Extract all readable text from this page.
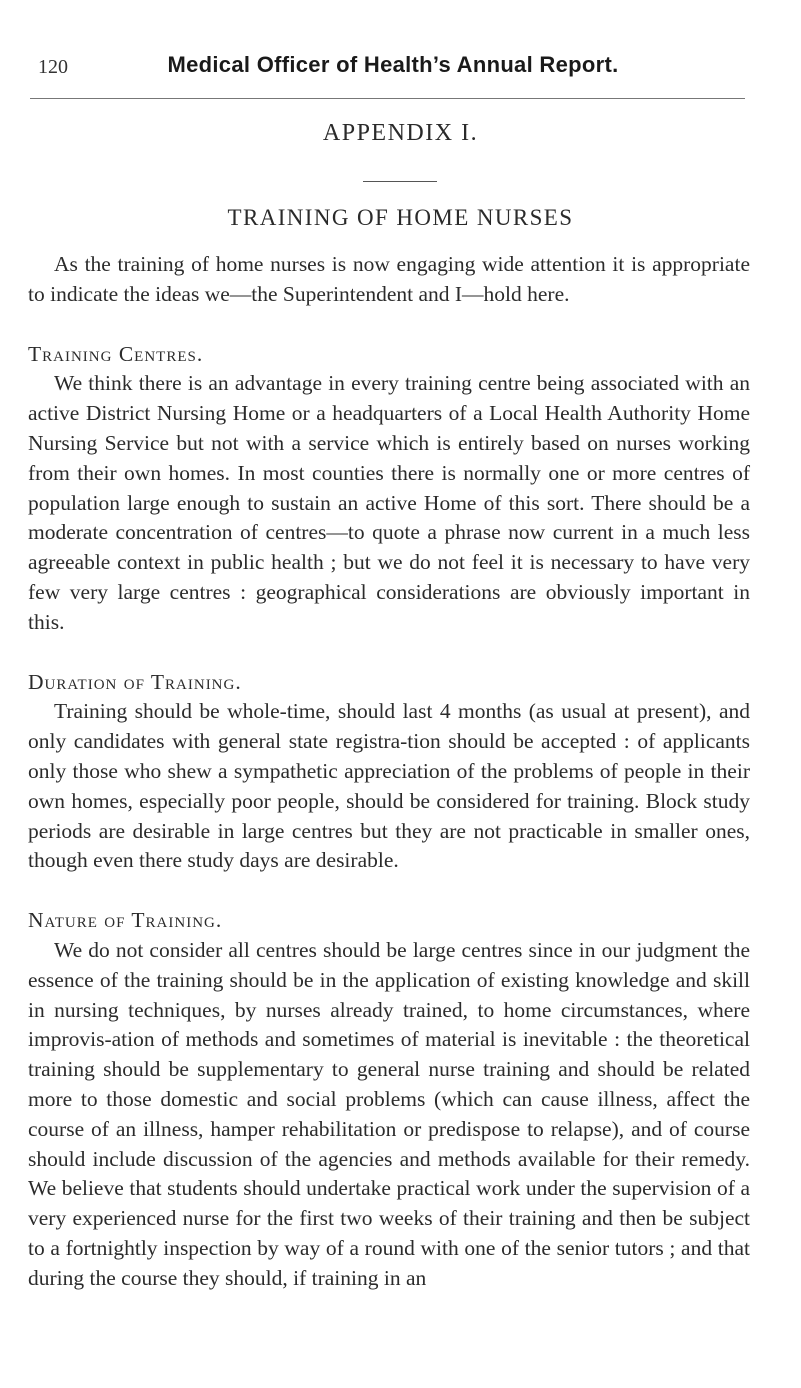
120	Medical Officer of Health’s Annual Report.
APPENDIX I.
TRAINING OF HOME NURSES

As the training of home nurses is now engaging wide attention it is appropriate to indicate the ideas we—the Superintendent and I—hold here.

Training Centres.

We think there is an advantage in every training centre being associated with an active District Nursing Home or a headquarters of a Local Health Authority Home Nursing Service but not with a service which is entirely based on nurses working from their own homes. In most counties there is normally one or more centres of population large enough to sustain an active Home of this sort. There should be a moderate concentration of centres—to quote a phrase now current in a much less agreeable context in public health ; but we do not feel it is necessary to have very few very large centres : geographical considerations are obviously important in this.

Duration of Training.

Training should be whole-time, should last 4 months (as usual at present), and only candidates with general state registra-tion should be accepted : of applicants only those who shew a sympathetic appreciation of the problems of people in their own homes, especially poor people, should be considered for training. Block study periods are desirable in large centres but they are not practicable in smaller ones, though even there study days are desirable.

Nature of Training.

We do not consider all centres should be large centres since in our judgment the essence of the training should be in the application of existing knowledge and skill in nursing techniques, by nurses already trained, to home circumstances, where improvis-ation of methods and sometimes of material is inevitable : the theoretical training should be supplementary to general nurse training and should be related more to those domestic and social problems (which can cause illness, affect the course of an illness, hamper rehabilitation or predispose to relapse), and of course should include discussion of the agencies and methods available for their remedy. We believe that students should undertake practical work under the supervision of a very experienced nurse for the first two weeks of their training and then be subject to a fortnightly inspection by way of a round with one of the senior tutors ; and that during the course they should, if training in an
